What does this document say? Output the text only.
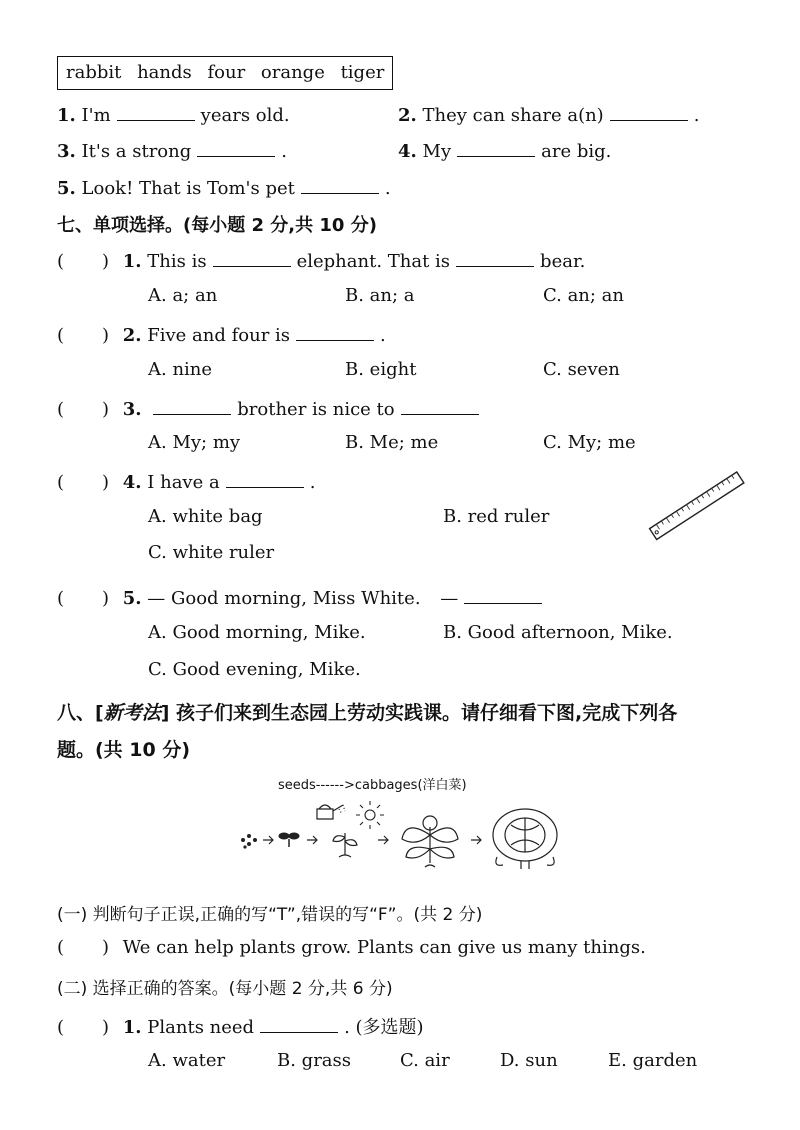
rabbit hands four orange tiger
1. I'm	years old.	2. They can share a(n)	.
3. It's a strong	.	4. My	are big.
5. Look! That is Tom's pet	.
七、单项选择。(每小题 2 分,共 10 分)
( ) 1. This is	elephant. That is	bear.
A. a; an	B. an; a	C. an; an
( ) 2. Five and four is	.
A. nine	B. eight	C. seven
( ) 3.	brother is nice to
A. My; my	B. Me; me	C. My; me
( ) 4. I have a	.
A. white bag	B. red ruler
C. white ruler
( ) 5. — Good morning, Miss White. —
A. Good morning, Mike.	B. Good afternoon, Mike.
C. Good evening, Mike.
八、[新考法] 孩子们来到生态园上劳动实践课。请仔细看下图,完成下列各
题。(共 10 分)
seeds------>cabbages(洋白菜)
(一) 判断句子正误,正确的写“T”,错误的写“F”。(共 2 分)
( ) We can help plants grow. Plants can give us many things.
(二) 选择正确的答案。(每小题 2 分,共 6 分)
( ) 1. Plants need	. (多选题)
A. water	B. grass	C. air	D. sun	E. garden
